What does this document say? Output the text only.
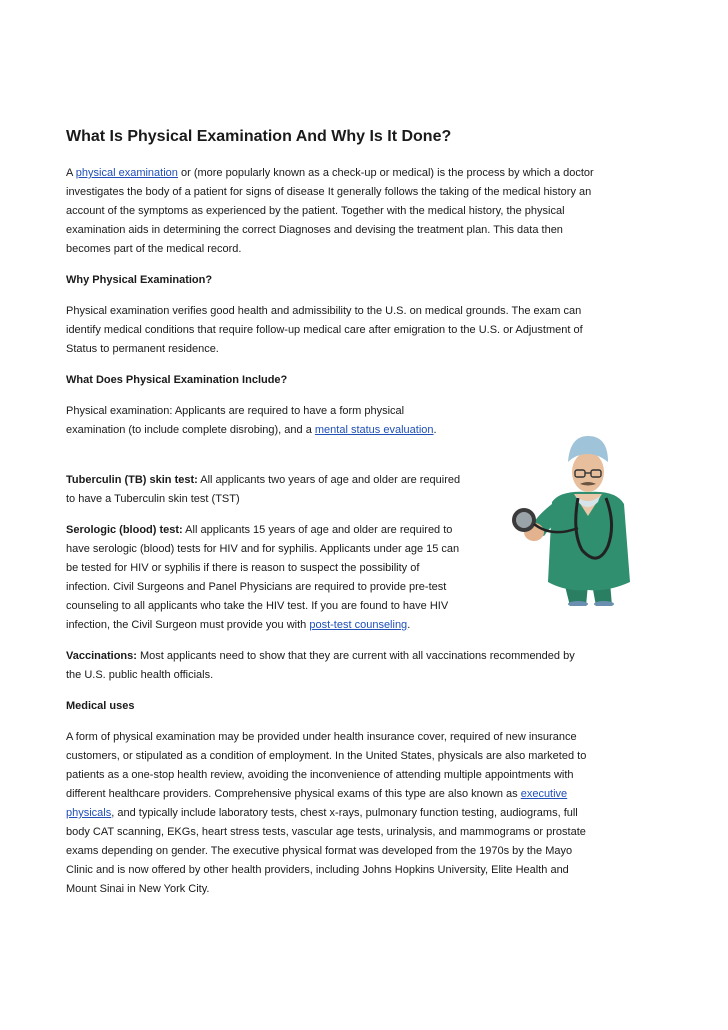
What Is Physical Examination And Why Is It Done?

A physical examination or (more popularly known as a check-up or medical) is the process by which a doctor

investigates the body of a patient for signs of disease It generally follows the taking of the medical history an

account of the symptoms as experienced by the patient. Together with the medical history, the physical

examination aids in determining the correct Diagnoses and devising the treatment plan. This data then

becomes part of the medical record.

Why Physical Examination?

Physical examination verifies good health and admissibility to the U.S. on medical grounds. The exam can

identify medical conditions that require follow-up medical care after emigration to the U.S. or Adjustment of

Status to permanent residence.

What Does Physical Examination Include?

Physical examination: Applicants are required to have a form physical

examination (to include complete disrobing), and a mental status evaluation.

Tuberculin (TB) skin test: All applicants two years of age and older are required

to have a Tuberculin skin test (TST)

Serologic (blood) test: All applicants 15 years of age and older are required to

have serologic (blood) tests for HIV and for syphilis. Applicants under age 15 can

be tested for HIV or syphilis if there is reason to suspect the possibility of

infection. Civil Surgeons and Panel Physicians are required to provide pre-test

counseling to all applicants who take the HIV test. If you are found to have HIV

infection, the Civil Surgeon must provide you with post-test counseling.

Vaccinations: Most applicants need to show that they are current with all vaccinations recommended by

the U.S. public health officials.

Medical uses

A form of physical examination may be provided under health insurance cover, required of new insurance

customers, or stipulated as a condition of employment. In the United States, physicals are also marketed to

patients as a one-stop health review, avoiding the inconvenience of attending multiple appointments with

different healthcare providers. Comprehensive physical exams of this type are also known as executive

physicals, and typically include laboratory tests, chest x-rays, pulmonary function testing, audiograms, full

body CAT scanning, EKGs, heart stress tests, vascular age tests, urinalysis, and mammograms or prostate

exams depending on gender. The executive physical format was developed from the 1970s by the Mayo

Clinic and is now offered by other health providers, including Johns Hopkins University, Elite Health and

Mount Sinai in New York City.
